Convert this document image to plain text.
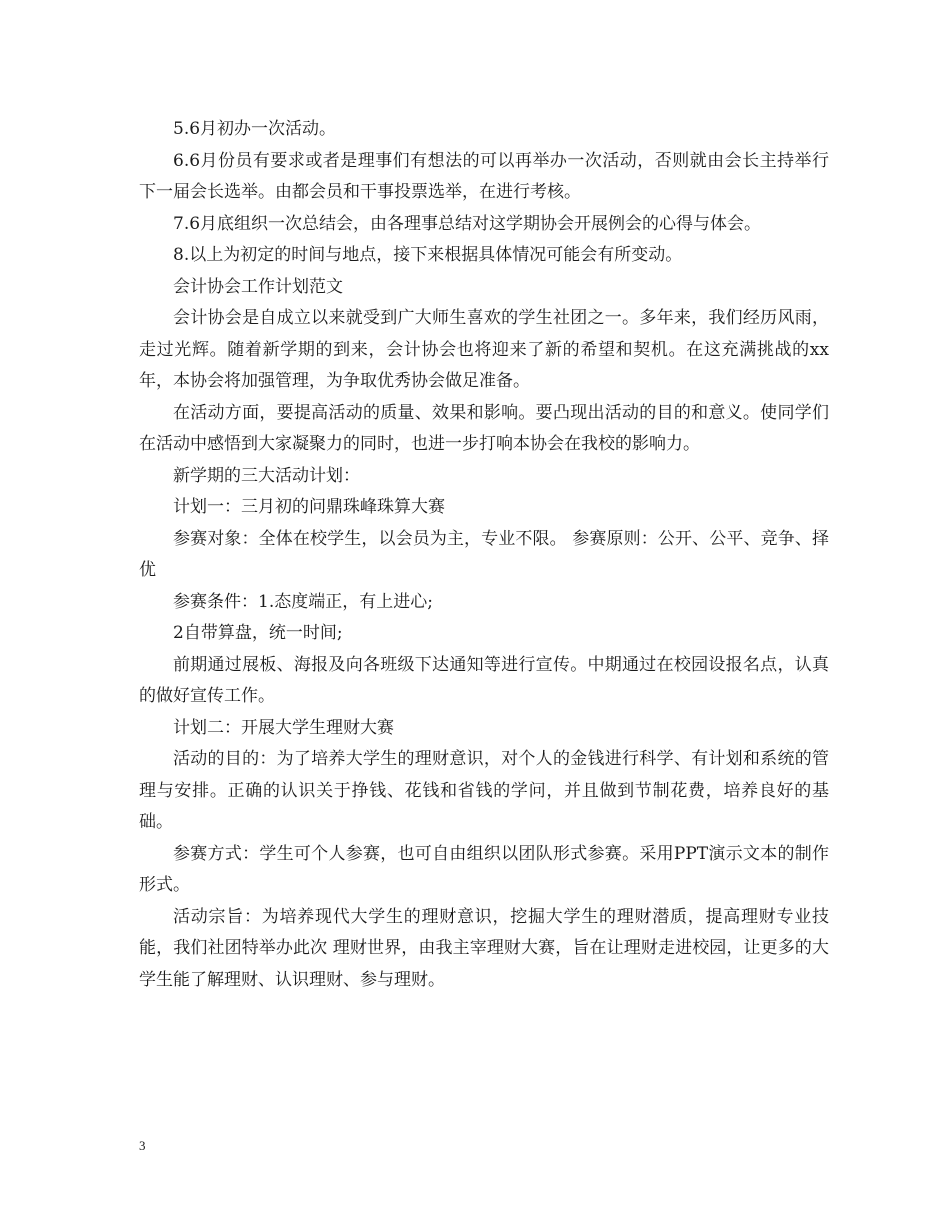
5.6月初办一次活动。

6.6月份员有要求或者是理事们有想法的可以再举办一次活动，否则就由会长主持举行下一届会长选举。由都会员和干事投票选举，在进行考核。

7.6月底组织一次总结会，由各理事总结对这学期协会开展例会的心得与体会。

8.以上为初定的时间与地点，接下来根据具体情况可能会有所变动。

会计协会工作计划范文

会计协会是自成立以来就受到广大师生喜欢的学生社团之一。多年来，我们经历风雨，走过光辉。随着新学期的到来，会计协会也将迎来了新的希望和契机。在这充满挑战的xx年，本协会将加强管理，为争取优秀协会做足准备。

在活动方面，要提高活动的质量、效果和影响。要凸现出活动的目的和意义。使同学们在活动中感悟到大家凝聚力的同时，也进一步打响本协会在我校的影响力。

新学期的三大活动计划：

计划一：三月初的问鼎珠峰珠算大赛

参赛对象：全体在校学生，以会员为主，专业不限。 参赛原则：公开、公平、竞争、择优

参赛条件：1.态度端正，有上进心;

2自带算盘，统一时间;

前期通过展板、海报及向各班级下达通知等进行宣传。中期通过在校园设报名点，认真的做好宣传工作。

计划二：开展大学生理财大赛

活动的目的：为了培养大学生的理财意识，对个人的金钱进行科学、有计划和系统的管理与安排。正确的认识关于挣钱、花钱和省钱的学问，并且做到节制花费，培养良好的基础。

参赛方式：学生可个人参赛，也可自由组织以团队形式参赛。采用PPT演示文本的制作形式。

活动宗旨：为培养现代大学生的理财意识，挖掘大学生的理财潜质，提高理财专业技能，我们社团特举办此次 理财世界，由我主宰理财大赛，旨在让理财走进校园，让更多的大学生能了解理财、认识理财、参与理财。

3
